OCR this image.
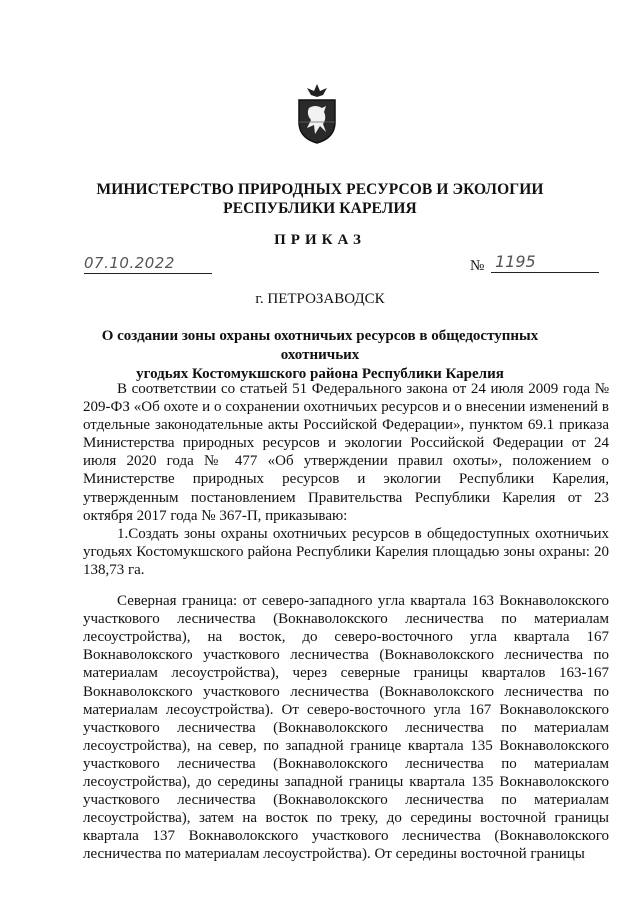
МИНИСТЕРСТВО ПРИРОДНЫХ РЕСУРСОВ И ЭКОЛОГИИ
РЕСПУБЛИКИ КАРЕЛИЯ
ПРИКАЗ
07.10.2022	№ 1195
г. ПЕТРОЗАВОДСК
О создании зоны охраны охотничьих ресурсов в общедоступных охотничьих
угодьях Костомукшского района Республики Карелия

В соответствии со статьей 51 Федерального закона от 24 июля 2009 года № 209-ФЗ «Об охоте и о сохранении охотничьих ресурсов и о внесении изменений в отдельные законодательные акты Российской Федерации», пунктом 69.1 приказа Министерства природных ресурсов и экологии Российской Федерации от 24 июля 2020 года № 477 «Об утверждении правил охоты», положением о Министерстве природных ресурсов и экологии Республики Карелия, утвержденным постановлением Правительства Республики Карелия от 23 октября 2017 года № 367-П, приказываю:

1.Создать зоны охраны охотничьих ресурсов в общедоступных охотничьих угодьях Костомукшского района Республики Карелия площадью зоны охраны: 20 138,73 га.

Северная граница: от северо-западного угла квартала 163 Вокнаволокского участкового лесничества (Вокнаволокского лесничества по материалам лесоустройства), на восток, до северо-восточного угла квартала 167 Вокнаволокского участкового лесничества (Вокнаволокского лесничества по материалам лесоустройства), через северные границы кварталов 163-167 Вокнаволокского участкового лесничества (Вокнаволокского лесничества по материалам лесоустройства). От северо-восточного угла 167 Вокнаволокского участкового лесничества (Вокнаволокского лесничества по материалам лесоустройства), на север, по западной границе квартала 135 Вокнаволокского участкового лесничества (Вокнаволокского лесничества по материалам лесоустройства), до середины западной границы квартала 135 Вокнаволокского участкового лесничества (Вокнаволокского лесничества по материалам лесоустройства), затем на восток по треку, до середины восточной границы квартала 137 Вокнаволокского участкового лесничества (Вокнаволокского лесничества по материалам лесоустройства). От середины восточной границы
